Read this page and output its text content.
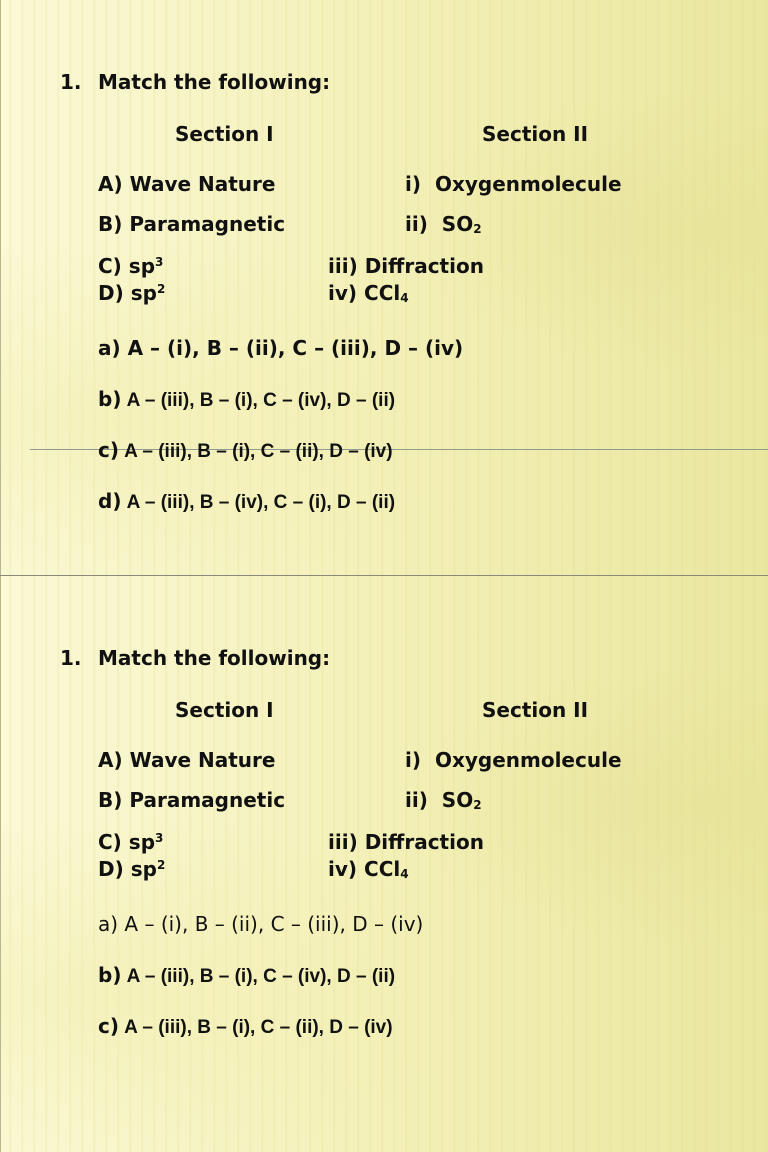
1. Match the following:
Section I	Section II
A) Wave Nature	i) Oxygenmolecule
B) Paramagnetic	ii) $SO_2$
C) $sp^3$	iii) Diffraction
D) $sp^2$	iv) CCl$_4$
a) A – (i), B – (ii), C – (iii), D – (iv)
b) A – (iii), B – (i), C – (iv), D – (ii)
c) A – (iii), B – (i), C – (ii), D – (iv)
d) A – (iii), B – (iv), C – (i), D – (ii)
1. Match the following:
Section I	Section II
A) Wave Nature	i) Oxygenmolecule
B) Paramagnetic	ii) $SO_2$
C) $sp^3$	iii) Diffraction
D) $sp^2$	iv) CCl$_4$
a) A – (i), B – (ii), C – (iii), D – (iv)
b) A – (iii), B – (i), C – (iv), D – (ii)
c) A – (iii), B – (i), C – (ii), D – (iv)
